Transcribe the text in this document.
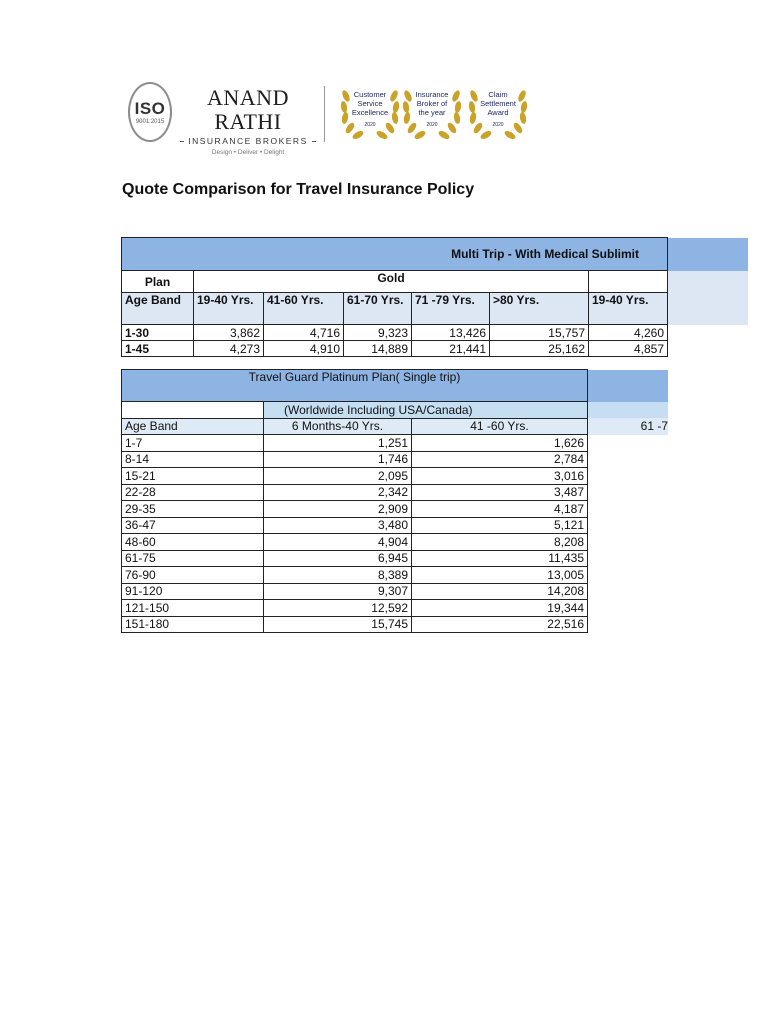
ISO
9001:2015
ANAND RATHI
INSURANCE BROKERS
Design • Deliver • Delight
Customer Service Excellence
2020
Insurance Broker of the year
2020
Claim Settlement Award
2020
Quote Comparison for Travel Insurance Policy
Multi Trip - With Medical Sublimit							
Plan	Gold						
Age Band	19-40 Yrs.	41-60 Yrs.	61-70 Yrs.	71 -79 Yrs.	>80 Yrs.	19-40 Yrs.	
1-30	3,862	4,716	9,323	13,426	15,757	4,260	
1-45	4,273	4,910	14,889	21,441	25,162	4,857	
Travel Guard Platinum Plan( Single trip)			
	(Worldwide Including USA/Canada)		
Age Band	6 Months-40 Yrs.	41 -60 Yrs.	61 -7
1-7	1,251	1,626	
8-14	1,746	2,784	
15-21	2,095	3,016	
22-28	2,342	3,487	
29-35	2,909	4,187	
36-47	3,480	5,121	
48-60	4,904	8,208	
61-75	6,945	11,435	
76-90	8,389	13,005	
91-120	9,307	14,208	
121-150	12,592	19,344	
151-180	15,745	22,516	
